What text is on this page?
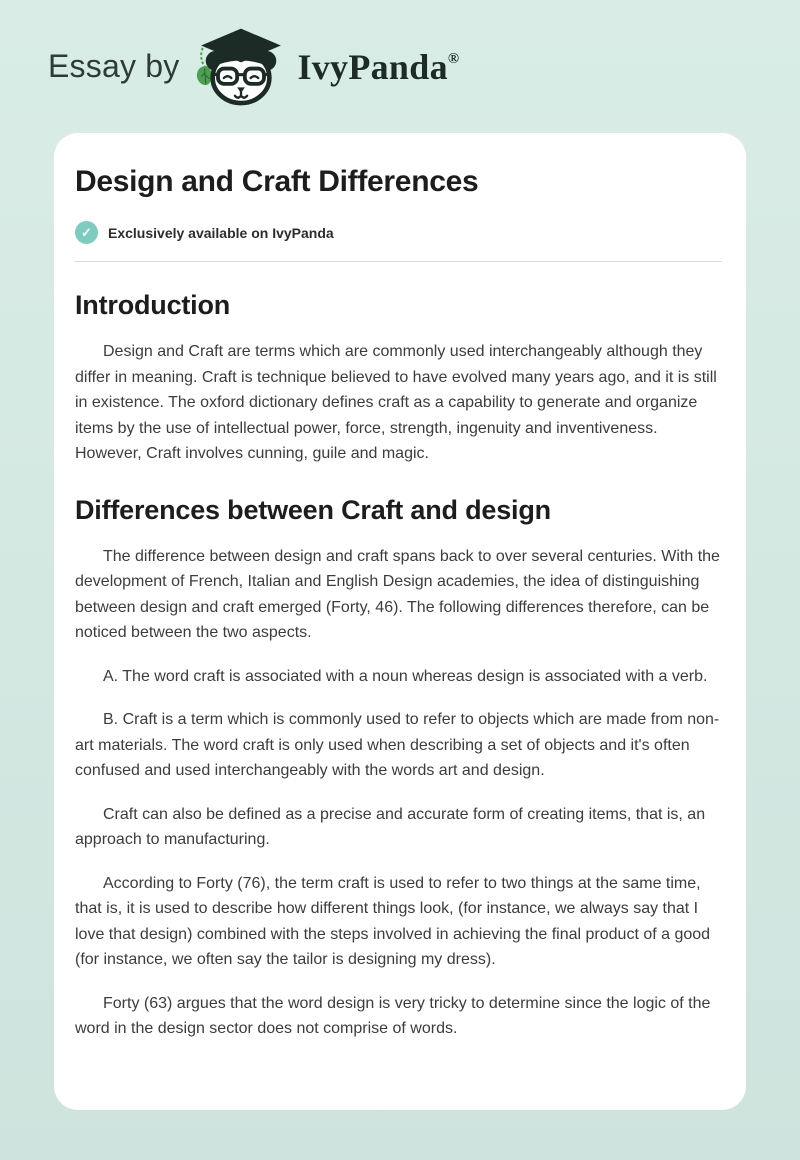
Essay by	IvyPanda®
Design and Craft Differences
✓	Exclusively available on IvyPanda
Introduction

Design and Craft are terms which are commonly used interchangeably although they differ in meaning. Craft is technique believed to have evolved many years ago, and it is still in existence. The oxford dictionary defines craft as a capability to generate and organize items by the use of intellectual power, force, strength, ingenuity and inventiveness. However, Craft involves cunning, guile and magic.

Differences between Craft and design

The difference between design and craft spans back to over several centuries. With the development of French, Italian and English Design academies, the idea of distinguishing between design and craft emerged (Forty, 46). The following differences therefore, can be noticed between the two aspects.

A. The word craft is associated with a noun whereas design is associated with a verb.

B. Craft is a term which is commonly used to refer to objects which are made from non-art materials. The word craft is only used when describing a set of objects and it's often confused and used interchangeably with the words art and design.

Craft can also be defined as a precise and accurate form of creating items, that is, an approach to manufacturing.

According to Forty (76), the term craft is used to refer to two things at the same time, that is, it is used to describe how different things look, (for instance, we always say that I love that design) combined with the steps involved in achieving the final product of a good (for instance, we often say the tailor is designing my dress).

Forty (63) argues that the word design is very tricky to determine since the logic of the word in the design sector does not comprise of words.
